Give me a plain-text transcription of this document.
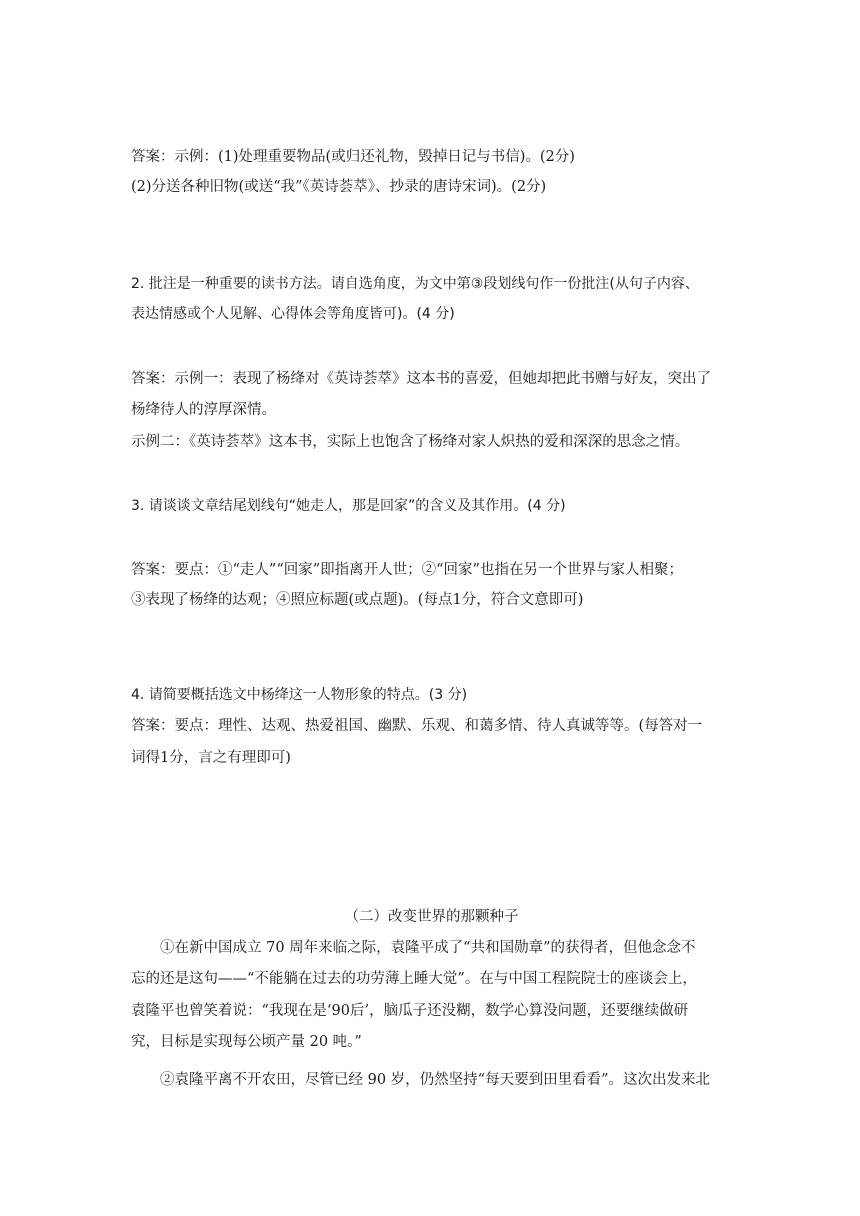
答案：示例：(1)处理重要物品(或归还礼物，毁掉日记与书信)。(2分)
(2)分送各种旧物(或送“我”《英诗荟萃》、抄录的唐诗宋词)。(2分)
2. 批注是一种重要的读书方法。请自选角度，为文中第③段划线句作一份批注(从句子内容、
表达情感或个人见解、心得体会等角度皆可)。(4 分)
答案：示例一：表现了杨绛对《英诗荟萃》这本书的喜爱，但她却把此书赠与好友，突出了
杨绛待人的淳厚深情。
示例二：《英诗荟萃》这本书，实际上也饱含了杨绛对家人炽热的爱和深深的思念之情。
3. 请谈谈文章结尾划线句“她走人，那是回家”的含义及其作用。(4 分)
答案：要点：①“走人”“回家”即指离开人世；②“回家”也指在另一个世界与家人相聚；
③表现了杨绛的达观；④照应标题(或点题)。(每点1分，符合文意即可)
4. 请简要概括选文中杨绛这一人物形象的特点。(3 分)
答案：要点：理性、达观、热爱祖国、幽默、乐观、和蔼多情、待人真诚等等。(每答对一
词得1分，言之有理即可)
（二）改变世界的那颗种子
①在新中国成立 70 周年来临之际，袁隆平成了“共和国勋章”的获得者，但他念念不
忘的还是这句——“不能躺在过去的功劳薄上睡大觉”。在与中国工程院院士的座谈会上，
袁隆平也曾笑着说：“我现在是‘90后’，脑瓜子还没糊，数学心算没问题，还要继续做研
究，目标是实现每公顷产量 20 吨。”
②袁隆平离不开农田，尽管已经 90 岁，仍然坚持“每天要到田里看看”。这次出发来北
